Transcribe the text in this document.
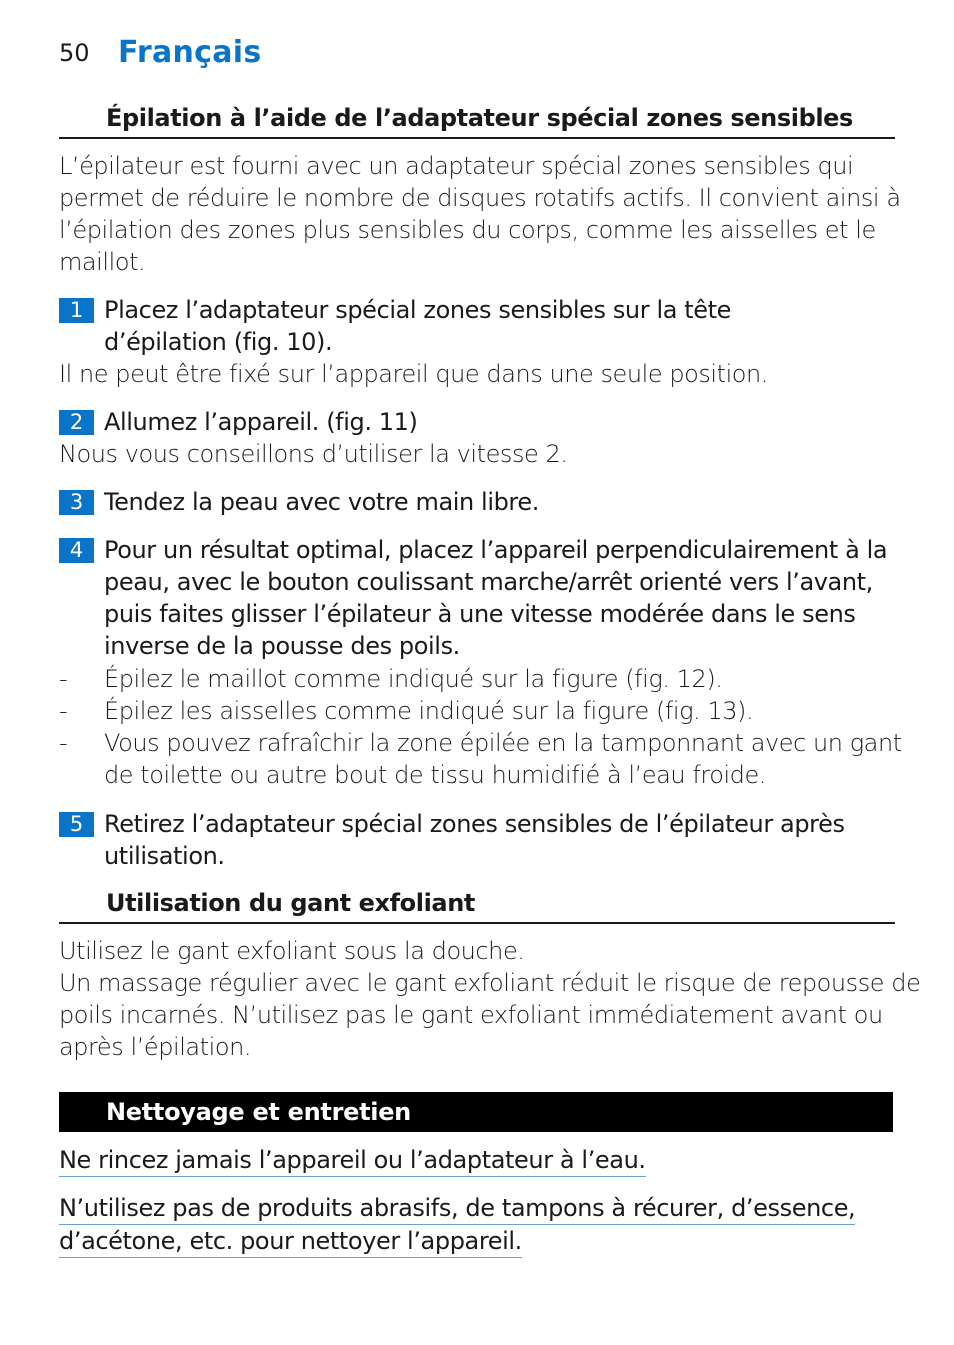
50 Français
Épilation à l’aide de l’adaptateur spécial zones sensibles
L’épilateur est fourni avec un adaptateur spécial zones sensibles qui
permet de réduire le nombre de disques rotatifs actifs. Il convient ainsi à
l’épilation des zones plus sensibles du corps, comme les aisselles et le
maillot.
1 Placez l’adaptateur spécial zones sensibles sur la tête
d’épilation (fig. 10).
Il ne peut être fixé sur l’appareil que dans une seule position.
2 Allumez l’appareil. (fig. 11)
Nous vous conseillons d’utiliser la vitesse 2.
3 Tendez la peau avec votre main libre.
4 Pour un résultat optimal, placez l’appareil perpendiculairement à la
peau, avec le bouton coulissant marche/arrêt orienté vers l’avant,
puis faites glisser l’épilateur à une vitesse modérée dans le sens
inverse de la pousse des poils.
- Épilez le maillot comme indiqué sur la figure (fig. 12).
- Épilez les aisselles comme indiqué sur la figure (fig. 13).
- Vous pouvez rafraîchir la zone épilée en la tamponnant avec un gant
de toilette ou autre bout de tissu humidifié à l’eau froide.
5 Retirez l’adaptateur spécial zones sensibles de l’épilateur après
utilisation.
Utilisation du gant exfoliant
Utilisez le gant exfoliant sous la douche.
Un massage régulier avec le gant exfoliant réduit le risque de repousse de
poils incarnés. N’utilisez pas le gant exfoliant immédiatement avant ou
après l’épilation.
Nettoyage et entretien
Ne rincez jamais l’appareil ou l’adaptateur à l’eau.
N’utilisez pas de produits abrasifs, de tampons à récurer, d’essence,
d’acétone, etc. pour nettoyer l’appareil.
